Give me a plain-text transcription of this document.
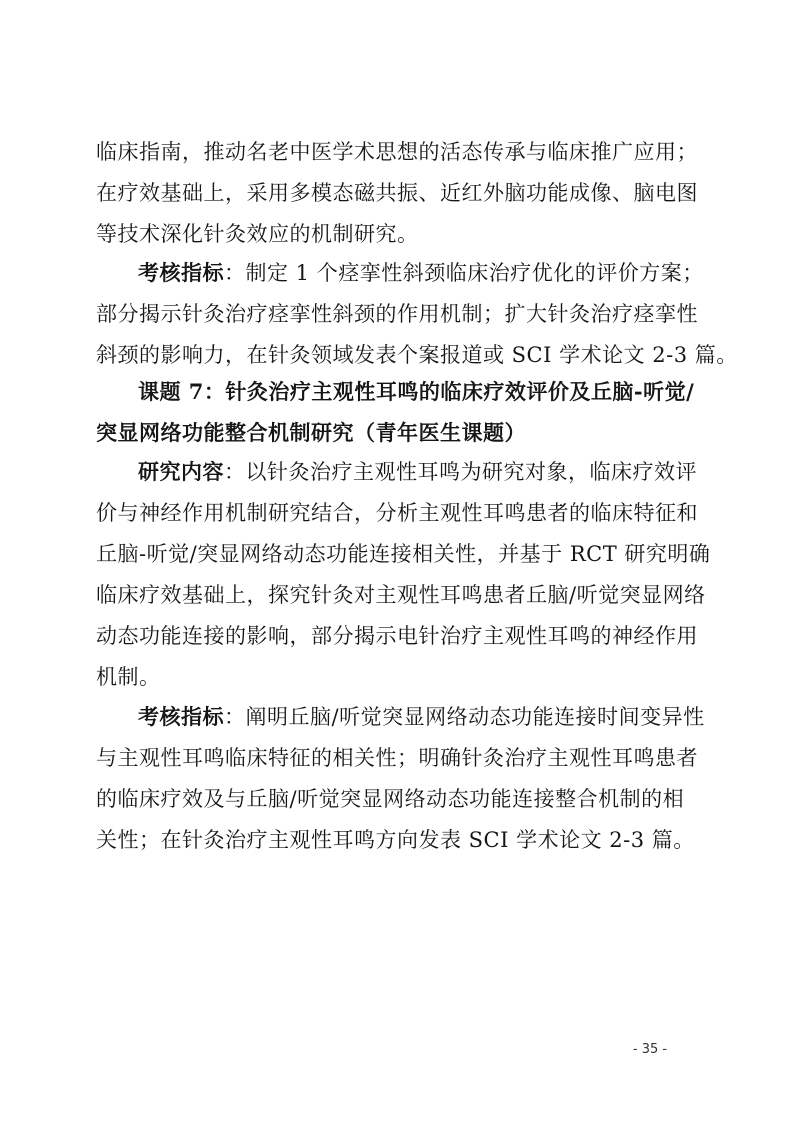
临床指南，推动名老中医学术思想的活态传承与临床推广应用；
在疗效基础上，采用多模态磁共振、近红外脑功能成像、脑电图
等技术深化针灸效应的机制研究。
考核指标：制定 1 个痉挛性斜颈临床治疗优化的评价方案；
部分揭示针灸治疗痉挛性斜颈的作用机制；扩大针灸治疗痉挛性
斜颈的影响力，在针灸领域发表个案报道或 SCI 学术论文 2-3 篇。
课题 7：针灸治疗主观性耳鸣的临床疗效评价及丘脑-听觉/
突显网络功能整合机制研究（青年医生课题）
研究内容：以针灸治疗主观性耳鸣为研究对象，临床疗效评
价与神经作用机制研究结合，分析主观性耳鸣患者的临床特征和
丘脑-听觉/突显网络动态功能连接相关性，并基于 RCT 研究明确
临床疗效基础上，探究针灸对主观性耳鸣患者丘脑/听觉突显网络
动态功能连接的影响，部分揭示电针治疗主观性耳鸣的神经作用
机制。
考核指标：阐明丘脑/听觉突显网络动态功能连接时间变异性
与主观性耳鸣临床特征的相关性；明确针灸治疗主观性耳鸣患者
的临床疗效及与丘脑/听觉突显网络动态功能连接整合机制的相
关性；在针灸治疗主观性耳鸣方向发表 SCI 学术论文 2-3 篇。
- 35 -
